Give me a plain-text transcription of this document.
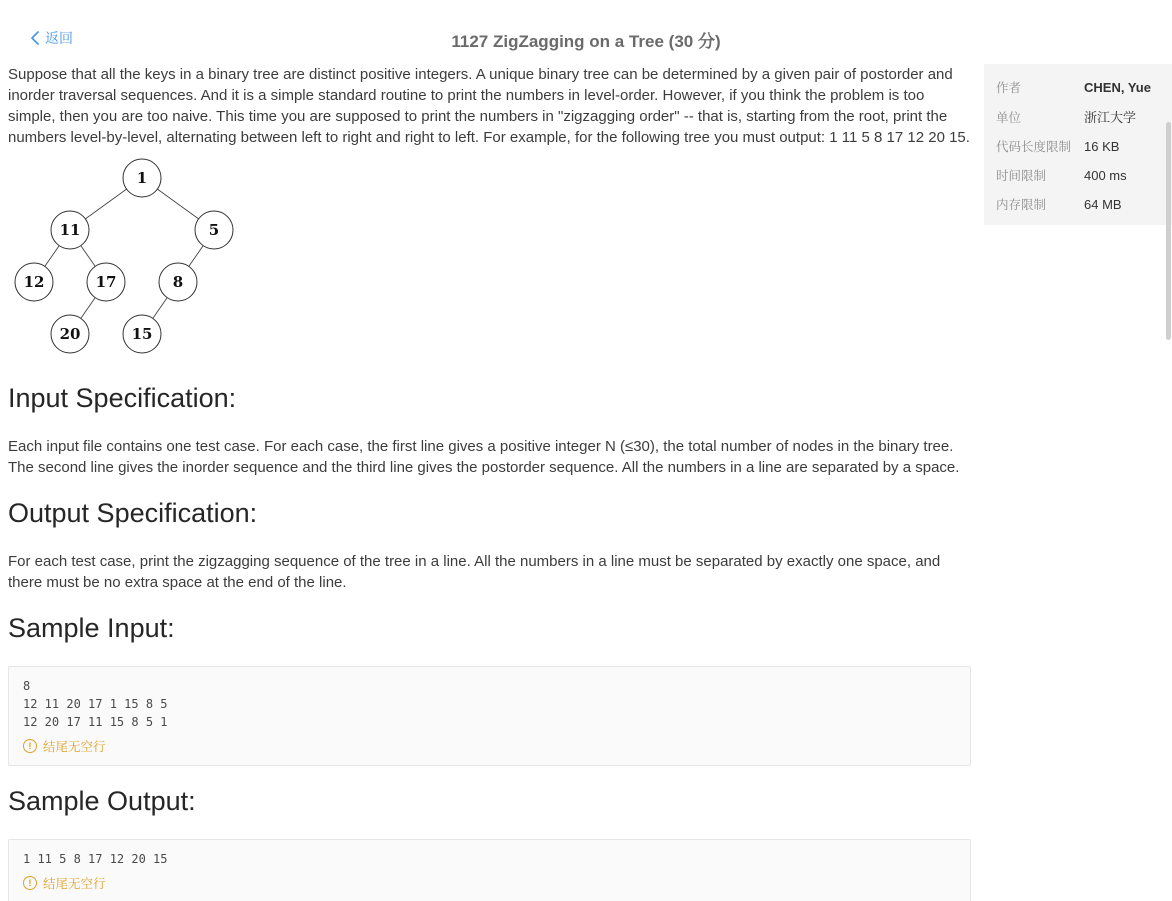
返回	1127 ZigZagging on a Tree (30 分)

Suppose that all the keys in a binary tree are distinct positive integers. A unique binary tree can be determined by a given pair of postorder and inorder traversal sequences. And it is a simple standard routine to print the numbers in level-order. However, if you think the problem is too simple, then you are too naive. This time you are supposed to print the numbers in "zigzagging order" -- that is, starting from the root, print the numbers level-by-level, alternating between left to right and right to left. For example, for the following tree you must output: 1 11 5 8 17 12 20 15.

1
11	5
12	17	8
20	15
Input Specification:

Each input file contains one test case. For each case, the first line gives a positive integer N (≤30), the total number of nodes in the binary tree. The second line gives the inorder sequence and the third line gives the postorder sequence. All the numbers in a line are separated by a space.

Output Specification:

For each test case, print the zigzagging sequence of the tree in a line. All the numbers in a line must be separated by exactly one space, and there must be no extra space at the end of the line.

Sample Input:
8
12 11 20 17 1 15 8 5
12 20 17 11 15 8 5 1
! 结尾无空行
Sample Output:
1 11 5 8 17 12 20 15
! 结尾无空行
作者	CHEN, Yue
单位	浙江大学
代码长度限制 16 KB
时间限制	400 ms
内存限制	64 MB
